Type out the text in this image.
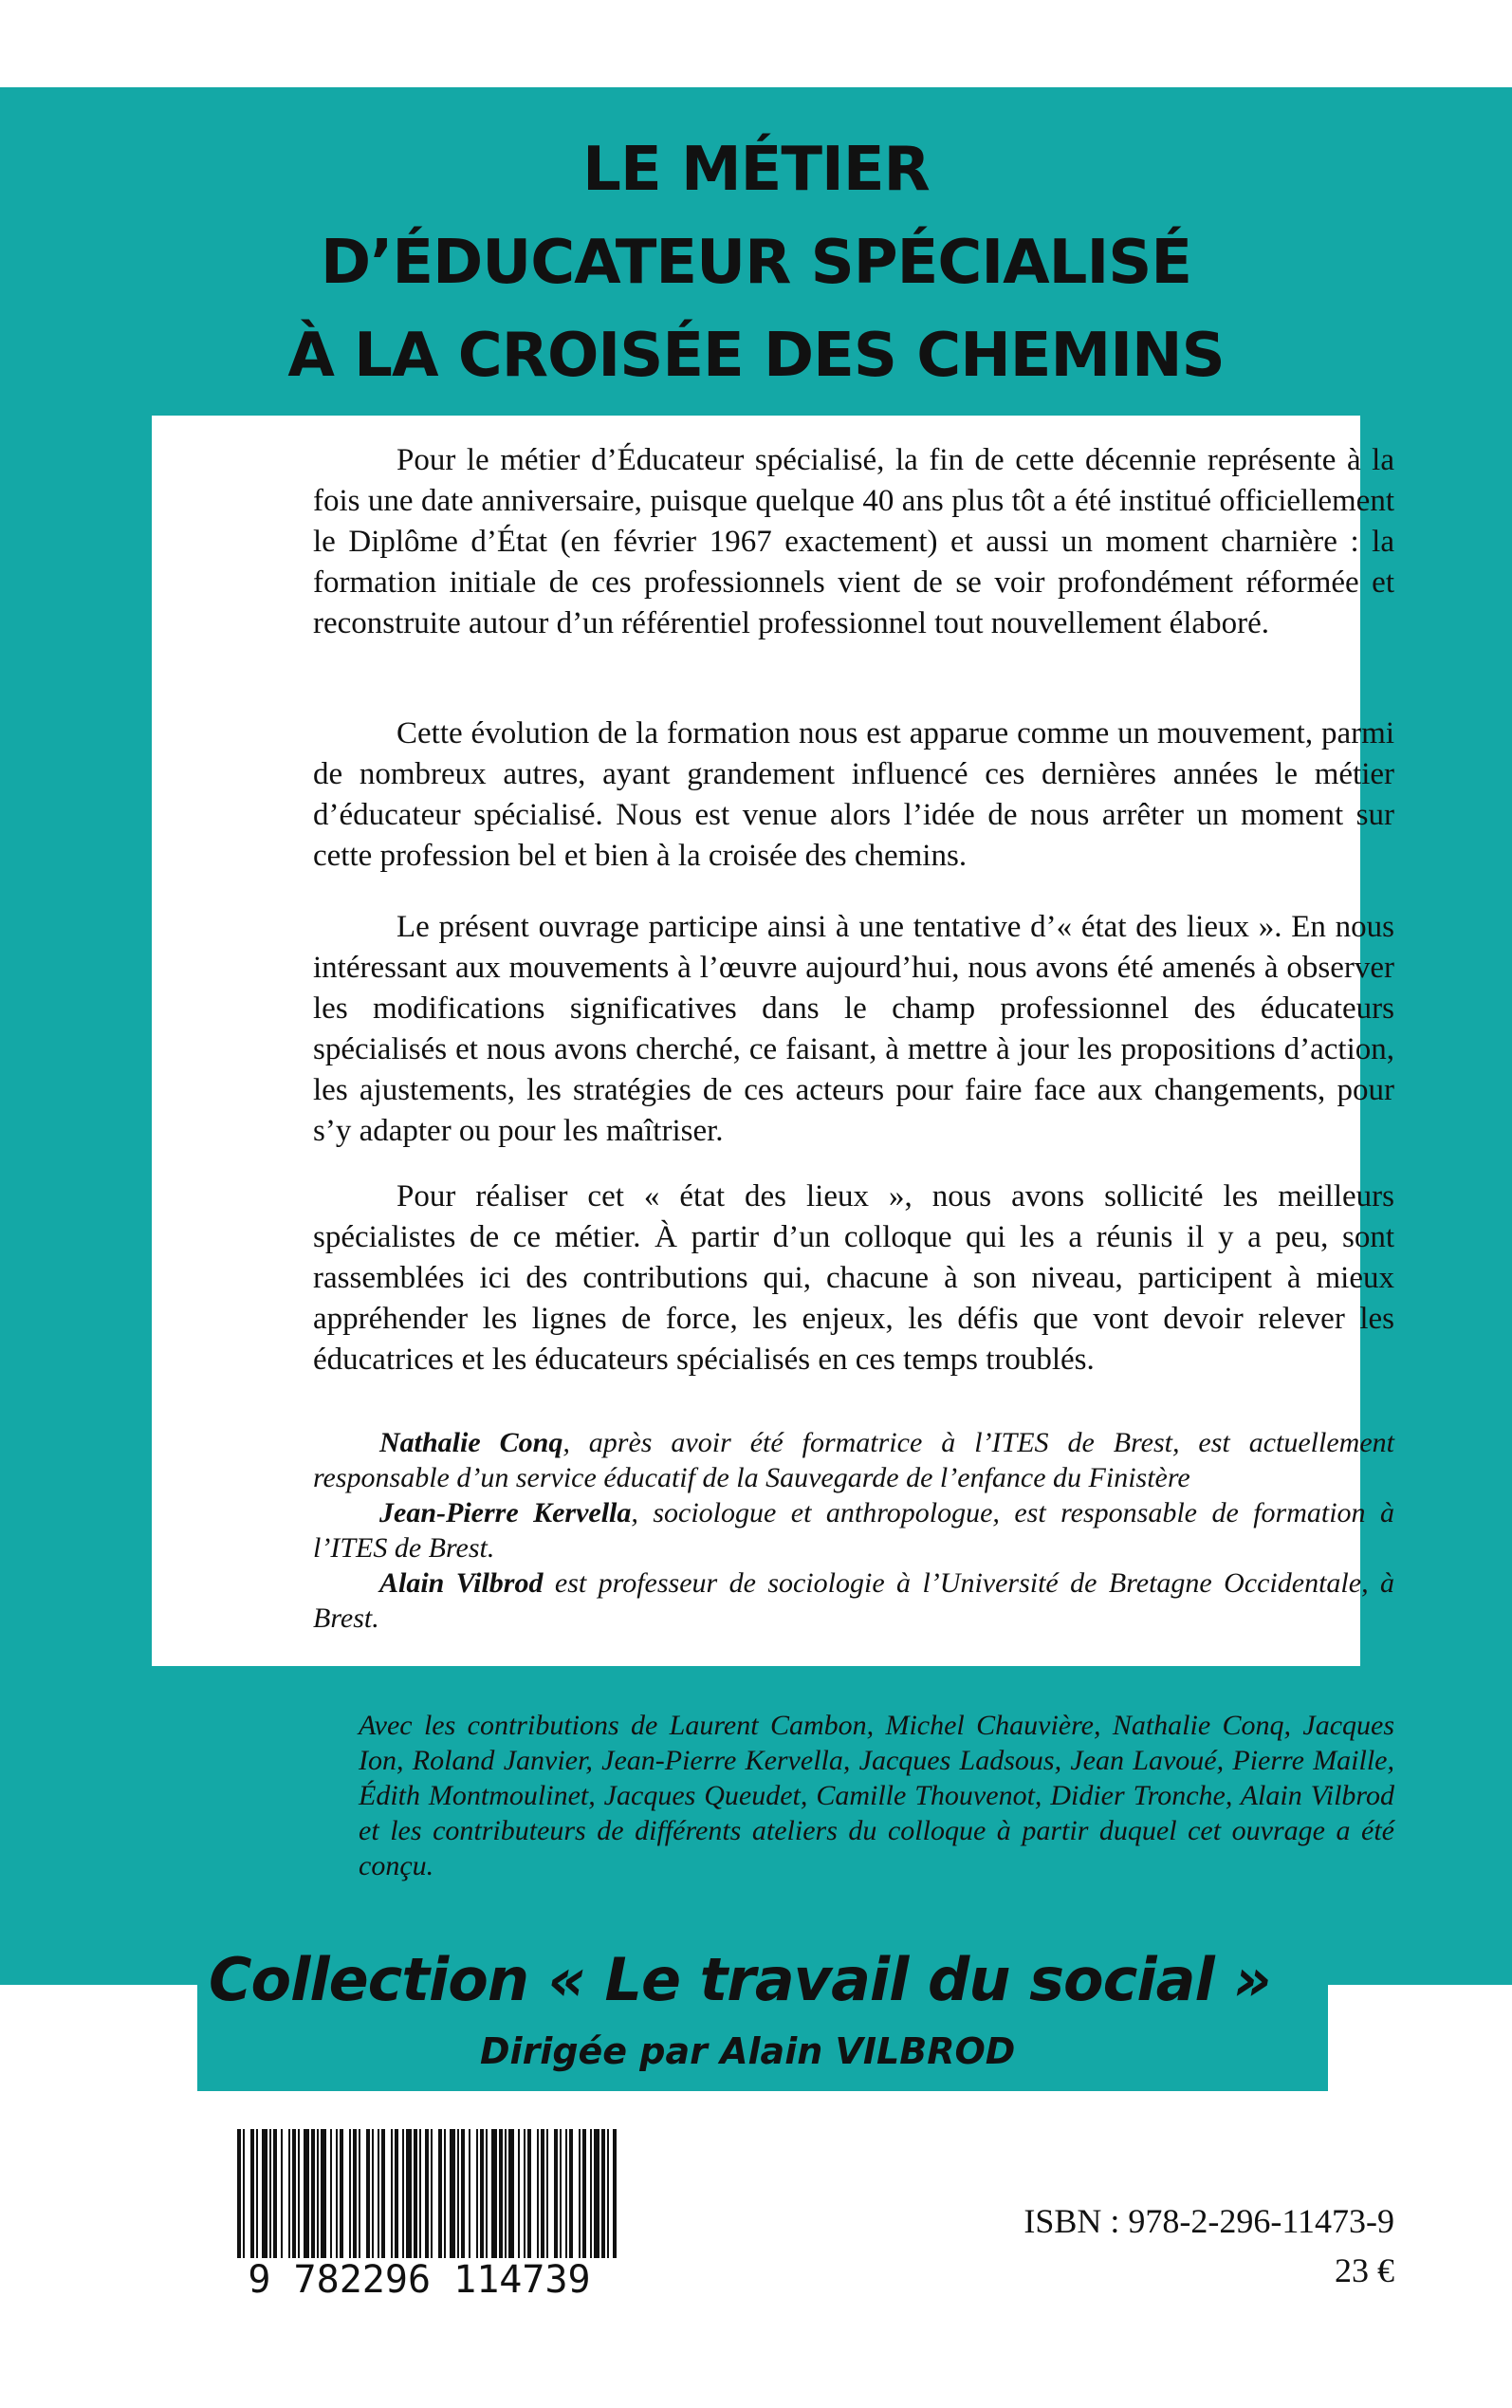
LE MÉTIER
D’ÉDUCATEUR SPÉCIALISÉ
À LA CROISÉE DES CHEMINS

Pour le métier d’Éducateur spécialisé, la fin de cette décennie représente à la fois une date anniversaire, puisque quelque 40 ans plus tôt a été institué officiellement le Diplôme d’État (en février 1967 exactement) et aussi un moment charnière : la formation initiale de ces professionnels vient de se voir profondément réformée et reconstruite autour d’un référentiel professionnel tout nouvellement élaboré.

Cette évolution de la formation nous est apparue comme un mouvement, parmi de nombreux autres, ayant grandement influencé ces dernières années le métier d’éducateur spécialisé. Nous est venue alors l’idée de nous arrêter un moment sur cette profession bel et bien à la croisée des chemins.

Le présent ouvrage participe ainsi à une tentative d’« état des lieux ». En nous intéressant aux mouvements à l’œuvre aujourd’hui, nous avons été amenés à observer les modifications significatives dans le champ professionnel des éducateurs spécialisés et nous avons cherché, ce faisant, à mettre à jour les propositions d’action, les ajustements, les stratégies de ces acteurs pour faire face aux changements, pour s’y adapter ou pour les maîtriser.

Pour réaliser cet « état des lieux », nous avons sollicité les meilleurs spécialistes de ce métier. À partir d’un colloque qui les a réunis il y a peu, sont rassemblées ici des contributions qui, chacune à son niveau, participent à mieux appréhender les lignes de force, les enjeux, les défis que vont devoir relever les éducatrices et les éducateurs spécialisés en ces temps troublés.

Nathalie Conq, après avoir été formatrice à l’ITES de Brest, est actuellement responsable d’un service éducatif de la Sauvegarde de l’enfance du Finistère

Jean-Pierre Kervella, sociologue et anthropologue, est responsable de formation à l’ITES de Brest.

Alain Vilbrod est professeur de sociologie à l’Université de Bretagne Occidentale, à Brest.

Avec les contributions de Laurent Cambon, Michel Chauvière, Nathalie Conq, Jacques Ion, Roland Janvier, Jean-Pierre Kervella, Jacques Ladsous, Jean Lavoué, Pierre Maille, Édith Montmoulinet, Jacques Queudet, Camille Thouvenot, Didier Tronche, Alain Vilbrod et les contributeurs de différents ateliers du colloque à partir duquel cet ouvrage a été conçu.
Collection « Le travail du social »
Dirigée par Alain VILBROD
9 782296 114739
ISBN : 978-2-296-11473-9
23 €
